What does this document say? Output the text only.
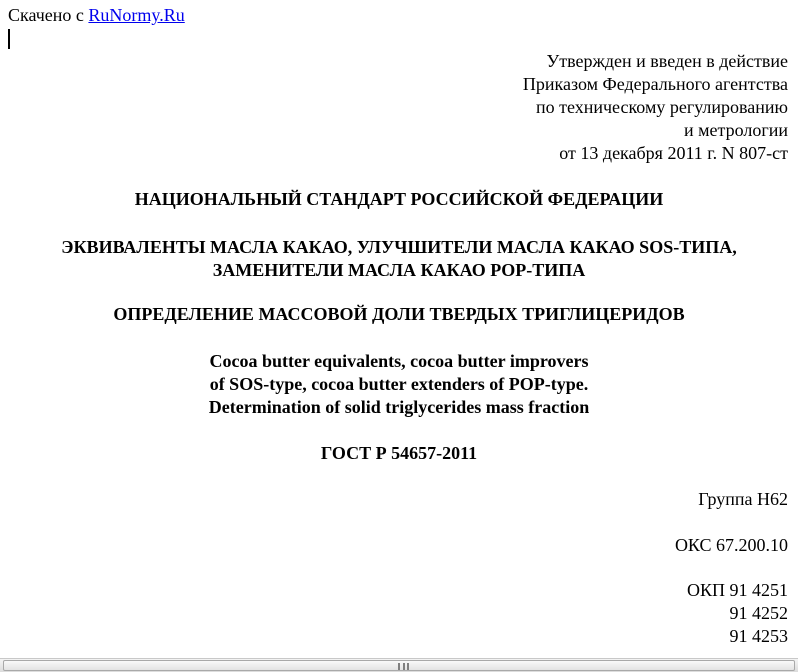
Скачено с RuNormy.Ru
Утвержден и введен в действие
Приказом Федерального агентства
по техническому регулированию
и метрологии
от 13 декабря 2011 г. N 807-ст
НАЦИОНАЛЬНЫЙ СТАНДАРТ РОССИЙСКОЙ ФЕДЕРАЦИИ
ЭКВИВАЛЕНТЫ МАСЛА КАКАО, УЛУЧШИТЕЛИ МАСЛА КАКАО SOS-ТИПА,
ЗАМЕНИТЕЛИ МАСЛА КАКАО POP-ТИПА
ОПРЕДЕЛЕНИЕ МАССОВОЙ ДОЛИ ТВЕРДЫХ ТРИГЛИЦЕРИДОВ
Cocoa butter equivalents, cocoa butter improvers
of SOS-type, cocoa butter extenders of POP-type.
Determination of solid triglycerides mass fraction
ГОСТ Р 54657-2011
Группа Н62
ОКС 67.200.10
ОКП 91 4251
91 4252
91 4253
